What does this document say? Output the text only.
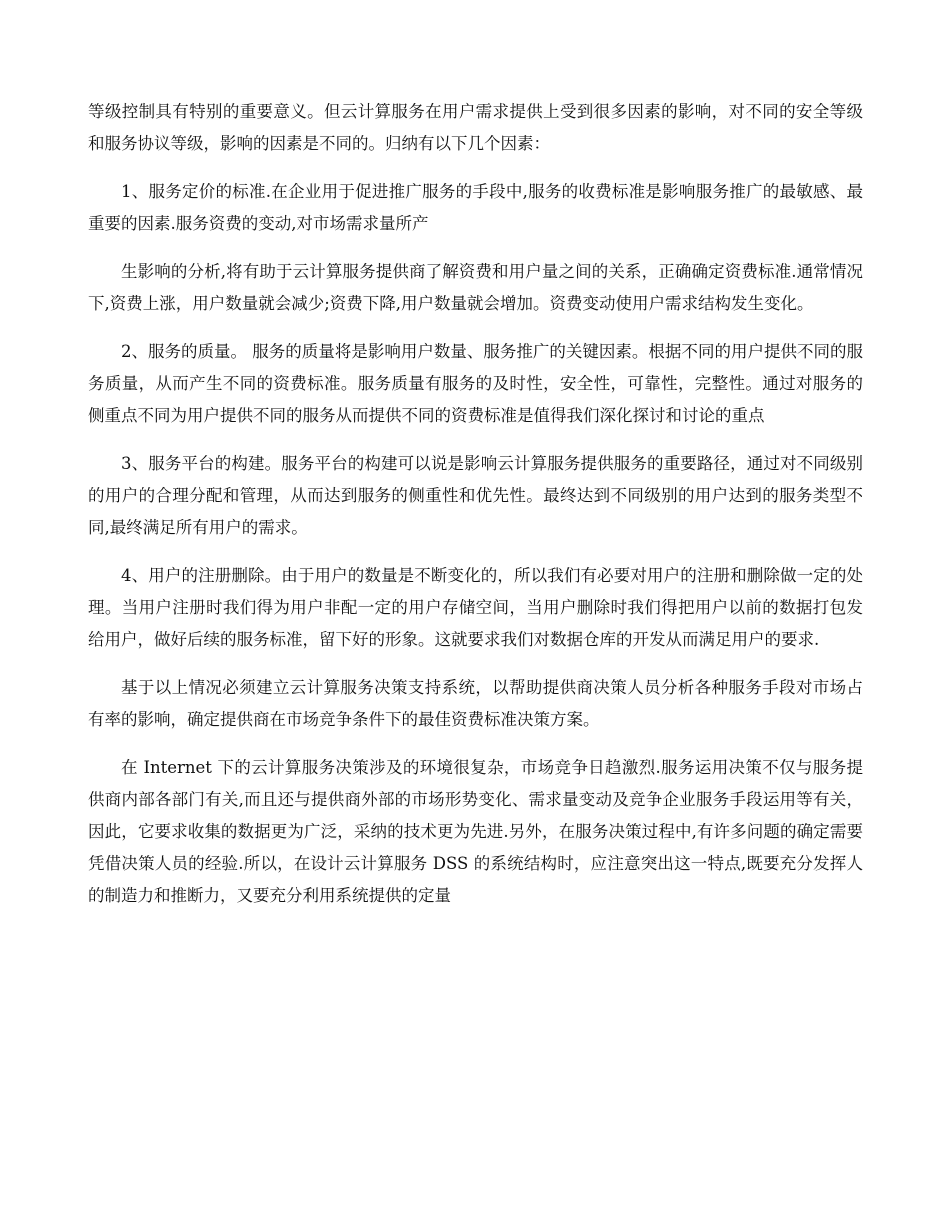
等级控制具有特别的重要意义。但云计算服务在用户需求提供上受到很多因素的影响，对不同的安全等级和服务协议等级，影响的因素是不同的。归纳有以下几个因素：

1、服务定价的标准.在企业用于促进推广服务的手段中,服务的收费标准是影响服务推广的最敏感、最重要的因素.服务资费的变动,对市场需求量所产

生影响的分析,将有助于云计算服务提供商了解资费和用户量之间的关系，正确确定资费标准.通常情况下,资费上涨，用户数量就会减少;资费下降,用户数量就会增加。资费变动使用户需求结构发生变化。

2、服务的质量。 服务的质量将是影响用户数量、服务推广的关键因素。根据不同的用户提供不同的服务质量，从而产生不同的资费标准。服务质量有服务的及时性，安全性，可靠性，完整性。通过对服务的侧重点不同为用户提供不同的服务从而提供不同的资费标准是值得我们深化探讨和讨论的重点

3、服务平台的构建。服务平台的构建可以说是影响云计算服务提供服务的重要路径，通过对不同级别的用户的合理分配和管理，从而达到服务的侧重性和优先性。最终达到不同级别的用户达到的服务类型不同,最终满足所有用户的需求。

4、用户的注册删除。由于用户的数量是不断变化的，所以我们有必要对用户的注册和删除做一定的处理。当用户注册时我们得为用户非配一定的用户存储空间，当用户删除时我们得把用户以前的数据打包发给用户，做好后续的服务标准，留下好的形象。这就要求我们对数据仓库的开发从而满足用户的要求.

基于以上情况必须建立云计算服务决策支持系统，以帮助提供商决策人员分析各种服务手段对市场占有率的影响，确定提供商在市场竞争条件下的最佳资费标准决策方案。

在 Internet 下的云计算服务决策涉及的环境很复杂，市场竞争日趋激烈.服务运用决策不仅与服务提供商内部各部门有关,而且还与提供商外部的市场形势变化、需求量变动及竞争企业服务手段运用等有关，因此，它要求收集的数据更为广泛，采纳的技术更为先进.另外，在服务决策过程中,有许多问题的确定需要凭借决策人员的经验.所以，在设计云计算服务 DSS 的系统结构时，应注意突出这一特点,既要充分发挥人的制造力和推断力，又要充分利用系统提供的定量
